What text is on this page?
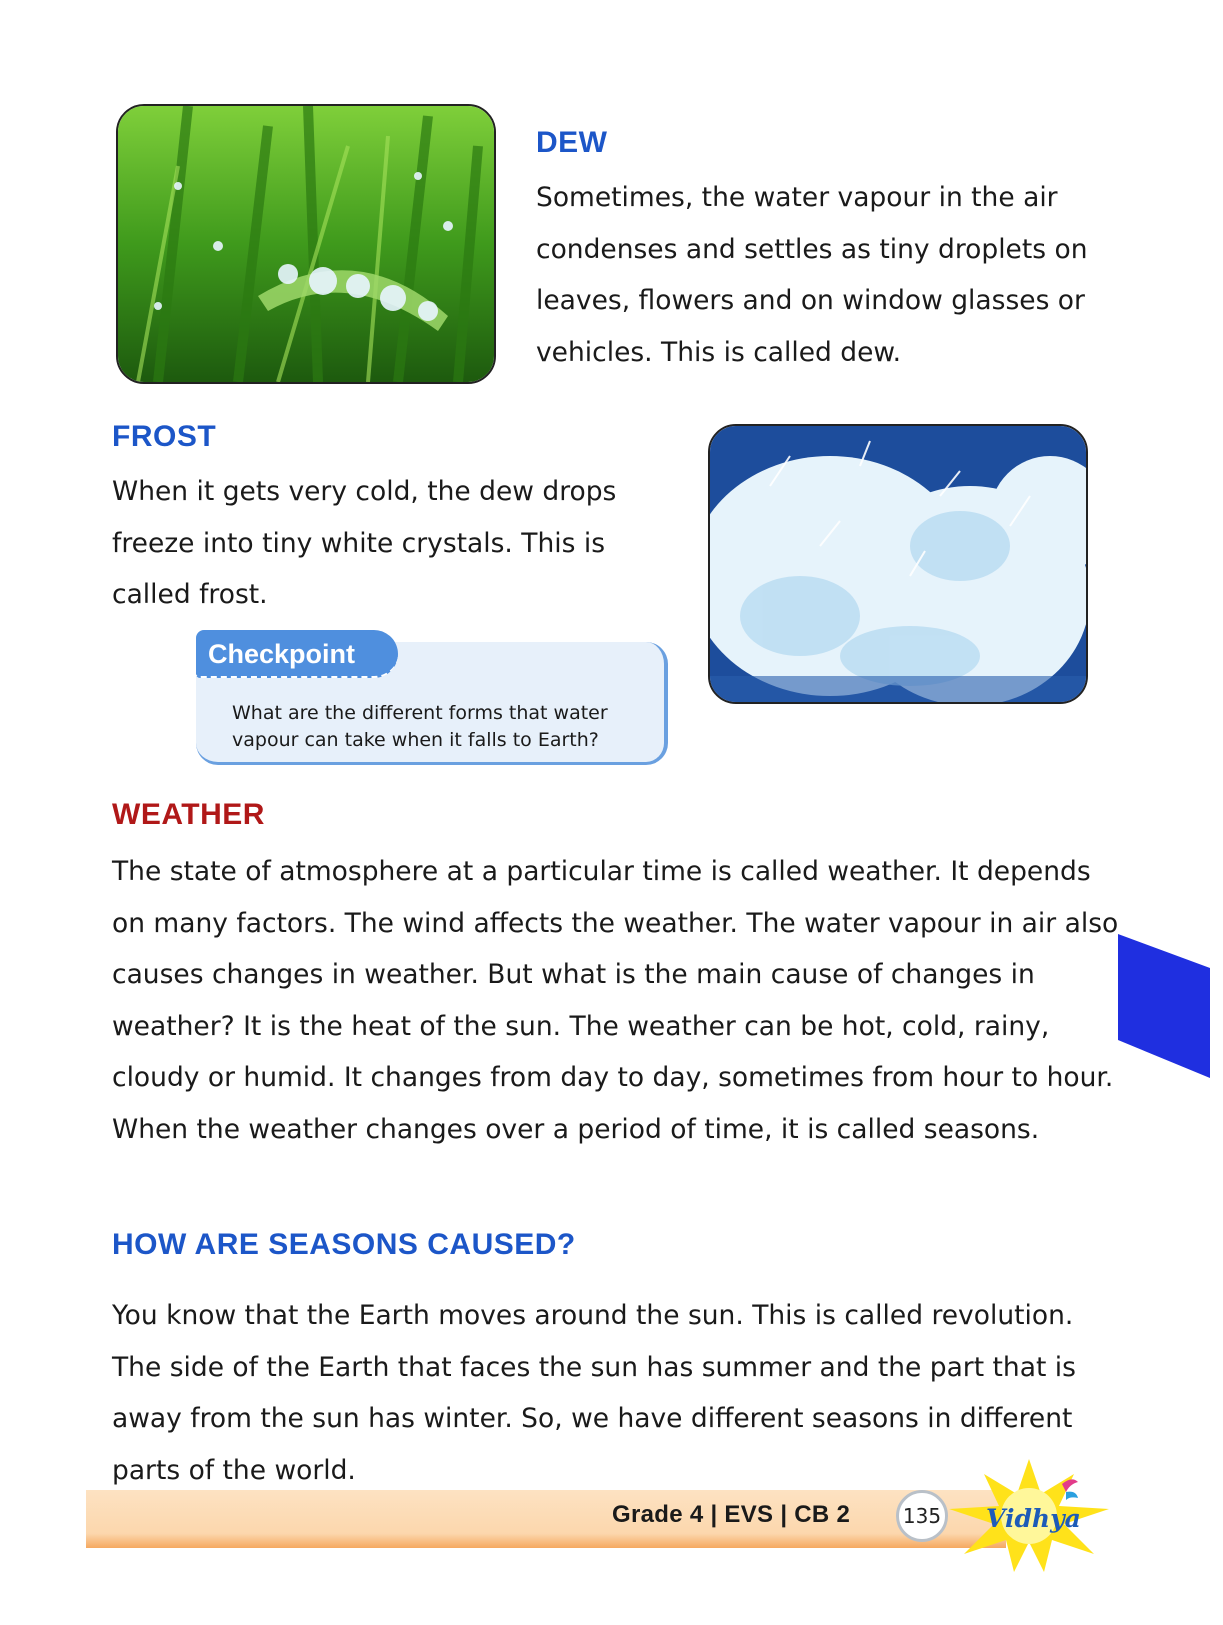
DEW

Sometimes, the water vapour in the air condenses and settles as tiny droplets on leaves, flowers and on window glasses or vehicles. This is called dew.

FROST

When it gets very cold, the dew drops freeze into tiny white crystals. This is called frost.

Checkpoint

What are the different forms that water vapour can take when it falls to Earth?

WEATHER

The state of atmosphere at a particular time is called weather. It depends on many factors. The wind affects the weather. The water vapour in air also causes changes in weather. But what is the main cause of changes in weather? It is the heat of the sun. The weather can be hot, cold, rainy, cloudy or humid. It changes from day to day, sometimes from hour to hour. When the weather changes over a period of time, it is called seasons.

HOW ARE SEASONS CAUSED?

You know that the Earth moves around the sun. This is called revolution. The side of the Earth that faces the sun has summer and the part that is away from the sun has winter. So, we have different seasons in different parts of the world.

Grade 4 | EVS | CB 2	135 Vidhya
